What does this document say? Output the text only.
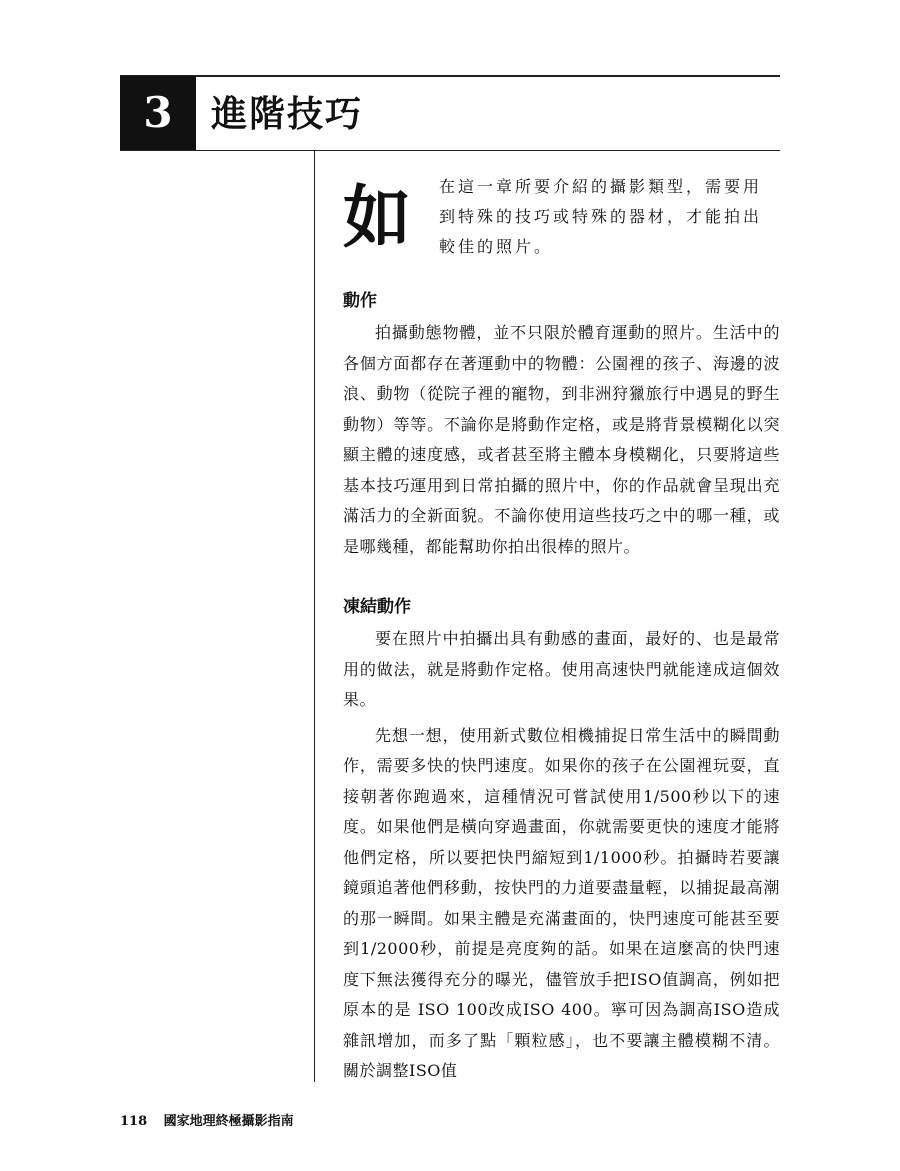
3	進階技巧
如	在這一章所要介紹的攝影類型，需要用到特殊的技巧或特殊的器材，才能拍出較佳的照片。

動作

拍攝動態物體，並不只限於體育運動的照片。生活中的各個方面都存在著運動中的物體：公園裡的孩子、海邊的波浪、動物（從院子裡的寵物，到非洲狩獵旅行中遇見的野生動物）等等。不論你是將動作定格，或是將背景模糊化以突顯主體的速度感，或者甚至將主體本身模糊化，只要將這些基本技巧運用到日常拍攝的照片中，你的作品就會呈現出充滿活力的全新面貌。不論你使用這些技巧之中的哪一種，或是哪幾種，都能幫助你拍出很棒的照片。

凍結動作

要在照片中拍攝出具有動感的畫面，最好的、也是最常用的做法，就是將動作定格。使用高速快門就能達成這個效果。

先想一想，使用新式數位相機捕捉日常生活中的瞬間動作，需要多快的快門速度。如果你的孩子在公園裡玩耍，直接朝著你跑過來，這種情況可嘗試使用1/500秒以下的速度。如果他們是橫向穿過畫面，你就需要更快的速度才能將他們定格，所以要把快門縮短到1/1000秒。拍攝時若要讓鏡頭追著他們移動，按快門的力道要盡量輕，以捕捉最高潮的那一瞬間。如果主體是充滿畫面的，快門速度可能甚至要到1/2000秒，前提是亮度夠的話。如果在這麼高的快門速度下無法獲得充分的曝光，儘管放手把ISO值調高，例如把原本的是 ISO 100改成ISO 400。寧可因為調高ISO造成雜訊增加，而多了點「顆粒感」，也不要讓主體模糊不清。關於調整ISO值

118 國家地理終極攝影指南
